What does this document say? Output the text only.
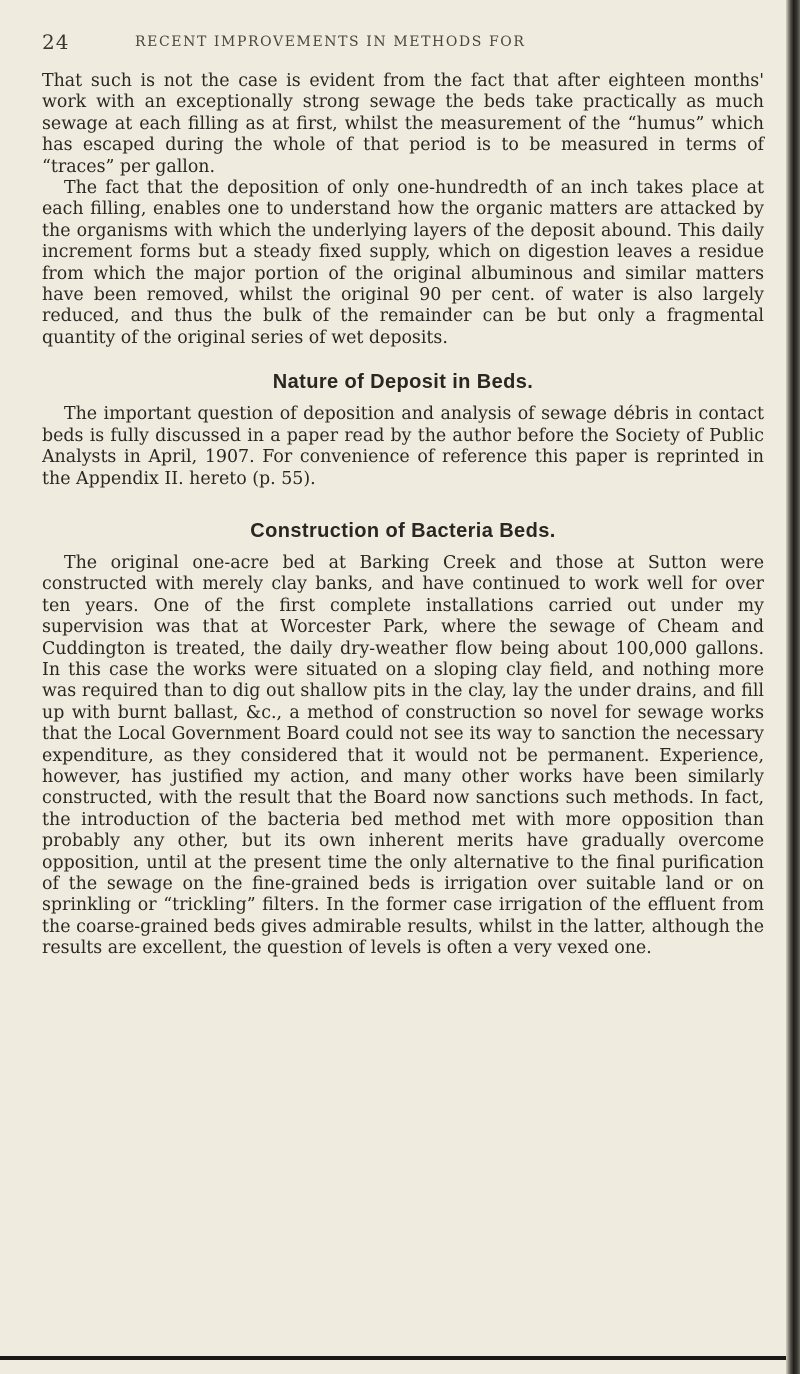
24	RECENT IMPROVEMENTS IN METHODS FOR

That such is not the case is evident from the fact that after eighteen months' work with an exceptionally strong sewage the beds take practically as much sewage at each filling as at first, whilst the measurement of the “humus” which has escaped during the whole of that period is to be measured in terms of “traces” per gallon.

The fact that the deposition of only one-hundredth of an inch takes place at each filling, enables one to understand how the organic matters are attacked by the organisms with which the underlying layers of the deposit abound. This daily increment forms but a steady fixed supply, which on digestion leaves a residue from which the major portion of the original albuminous and similar matters have been removed, whilst the original 90 per cent. of water is also largely reduced, and thus the bulk of the remainder can be but only a fragmental quantity of the original series of wet deposits.

Nature of Deposit in Beds.

The important question of deposition and analysis of sewage débris in contact beds is fully discussed in a paper read by the author before the Society of Public Analysts in April, 1907. For convenience of reference this paper is reprinted in the Appendix II. hereto (p. 55).

Construction of Bacteria Beds.

The original one-acre bed at Barking Creek and those at Sutton were constructed with merely clay banks, and have continued to work well for over ten years. One of the first complete installations carried out under my supervision was that at Worcester Park, where the sewage of Cheam and Cuddington is treated, the daily dry-weather flow being about 100,000 gallons. In this case the works were situated on a sloping clay field, and nothing more was required than to dig out shallow pits in the clay, lay the under drains, and fill up with burnt ballast, &c., a method of construction so novel for sewage works that the Local Government Board could not see its way to sanction the necessary expenditure, as they considered that it would not be permanent. Experience, however, has justified my action, and many other works have been similarly constructed, with the result that the Board now sanctions such methods. In fact, the introduction of the bacteria bed method met with more opposition than probably any other, but its own inherent merits have gradually overcome opposition, until at the present time the only alternative to the final purification of the sewage on the fine-grained beds is irrigation over suitable land or on sprinkling or “trickling” filters. In the former case irrigation of the effluent from the coarse-grained beds gives admirable results, whilst in the latter, although the results are excellent, the question of levels is often a very vexed one.
